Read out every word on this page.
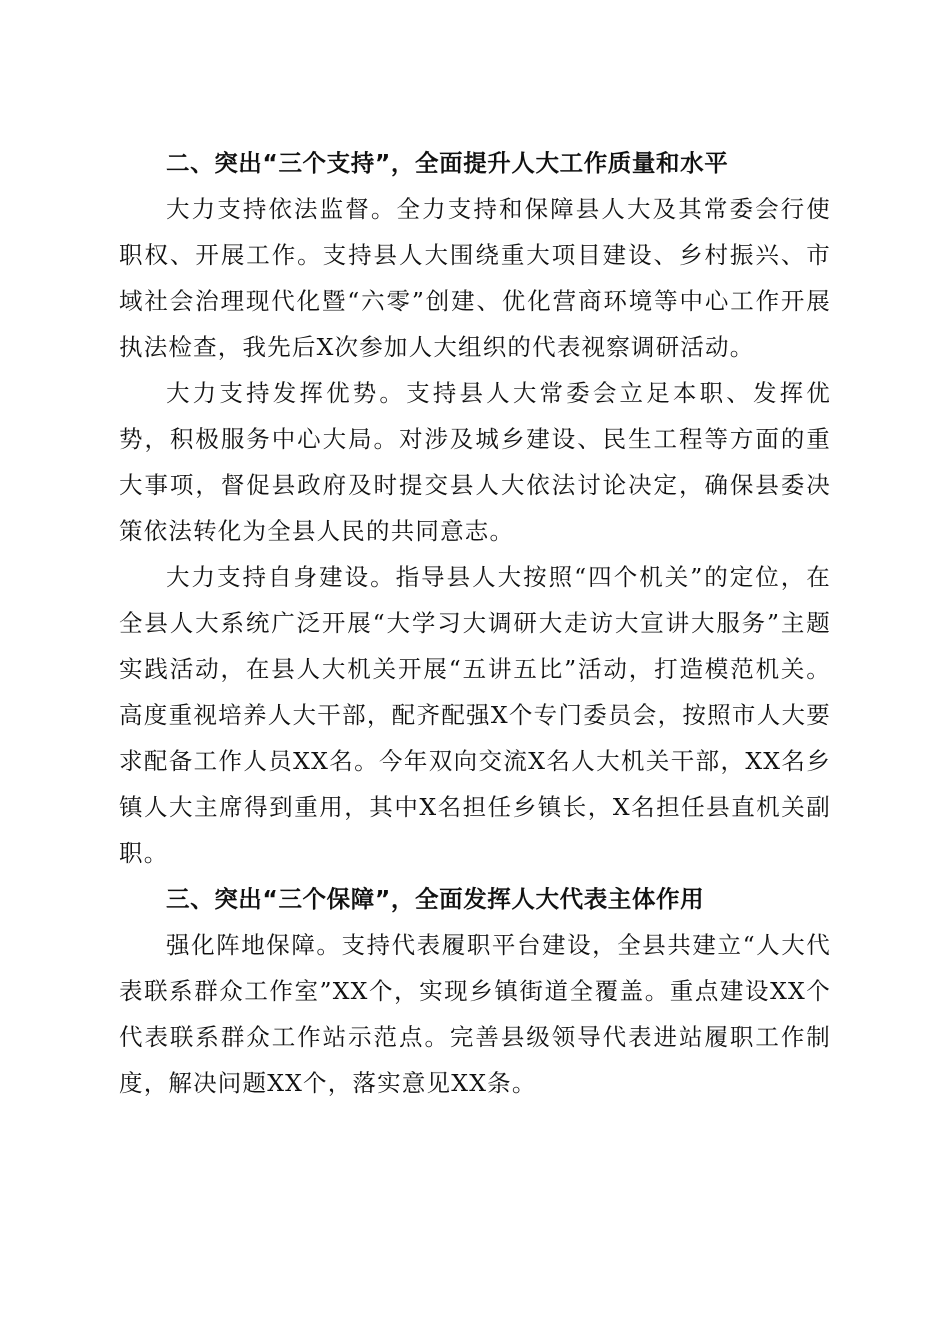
二、突出“三个支持”，全面提升人大工作质量和水平

大力支持依法监督。全力支持和保障县人大及其常委会行使职权、开展工作。支持县人大围绕重大项目建设、乡村振兴、市域社会治理现代化暨“六零”创建、优化营商环境等中心工作开展执法检查，我先后X次参加人大组织的代表视察调研活动。

大力支持发挥优势。支持县人大常委会立足本职、发挥优势，积极服务中心大局。对涉及城乡建设、民生工程等方面的重大事项，督促县政府及时提交县人大依法讨论决定，确保县委决策依法转化为全县人民的共同意志。

大力支持自身建设。指导县人大按照“四个机关”的定位，在全县人大系统广泛开展“大学习大调研大走访大宣讲大服务”主题实践活动，在县人大机关开展“五讲五比”活动，打造模范机关。高度重视培养人大干部，配齐配强X个专门委员会，按照市人大要求配备工作人员XX名。今年双向交流X名人大机关干部，XX名乡镇人大主席得到重用，其中X名担任乡镇长，X名担任县直机关副职。

三、突出“三个保障”，全面发挥人大代表主体作用

强化阵地保障。支持代表履职平台建设，全县共建立“人大代表联系群众工作室”XX个，实现乡镇街道全覆盖。重点建设XX个代表联系群众工作站示范点。完善县级领导代表进站履职工作制度，解决问题XX个，落实意见XX条。
